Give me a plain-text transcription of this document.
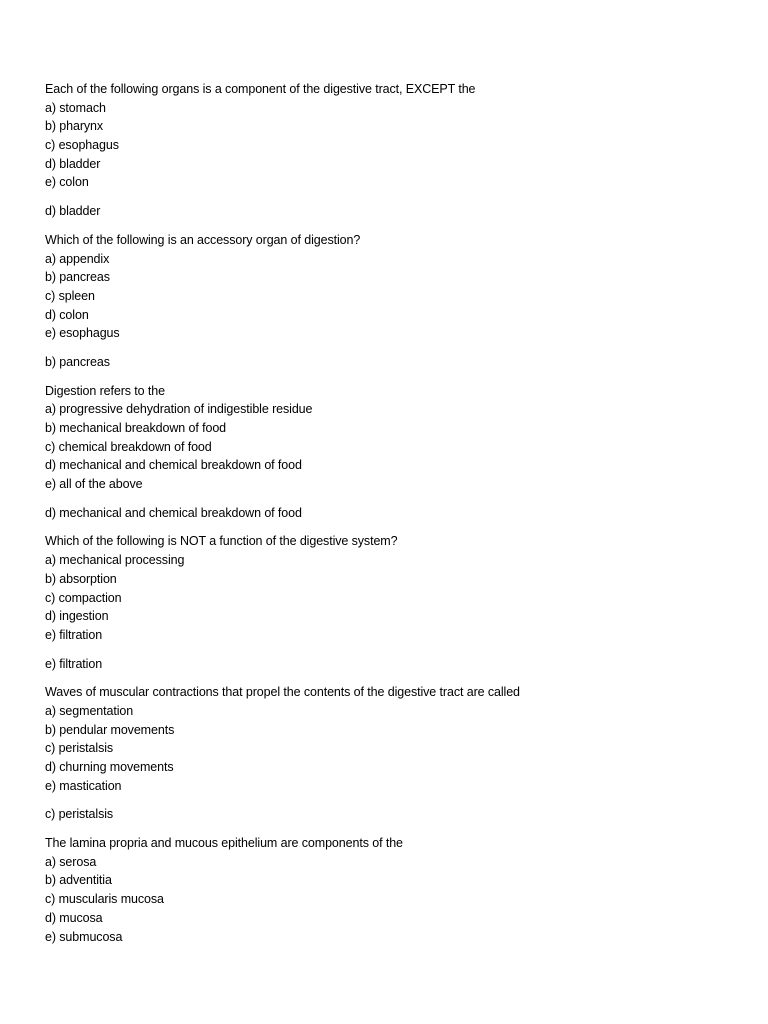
Each of the following organs is a component of the digestive tract, EXCEPT the
a) stomach
b) pharynx
c) esophagus
d) bladder
e) colon
d) bladder
Which of the following is an accessory organ of digestion?
a) appendix
b) pancreas
c) spleen
d) colon
e) esophagus
b) pancreas
Digestion refers to the
a) progressive dehydration of indigestible residue
b) mechanical breakdown of food
c) chemical breakdown of food
d) mechanical and chemical breakdown of food
e) all of the above
d) mechanical and chemical breakdown of food
Which of the following is NOT a function of the digestive system?
a) mechanical processing
b) absorption
c) compaction
d) ingestion
e) filtration
e) filtration
Waves of muscular contractions that propel the contents of the digestive tract are called
a) segmentation
b) pendular movements
c) peristalsis
d) churning movements
e) mastication
c) peristalsis
The lamina propria and mucous epithelium are components of the
a) serosa
b) adventitia
c) muscularis mucosa
d) mucosa
e) submucosa
